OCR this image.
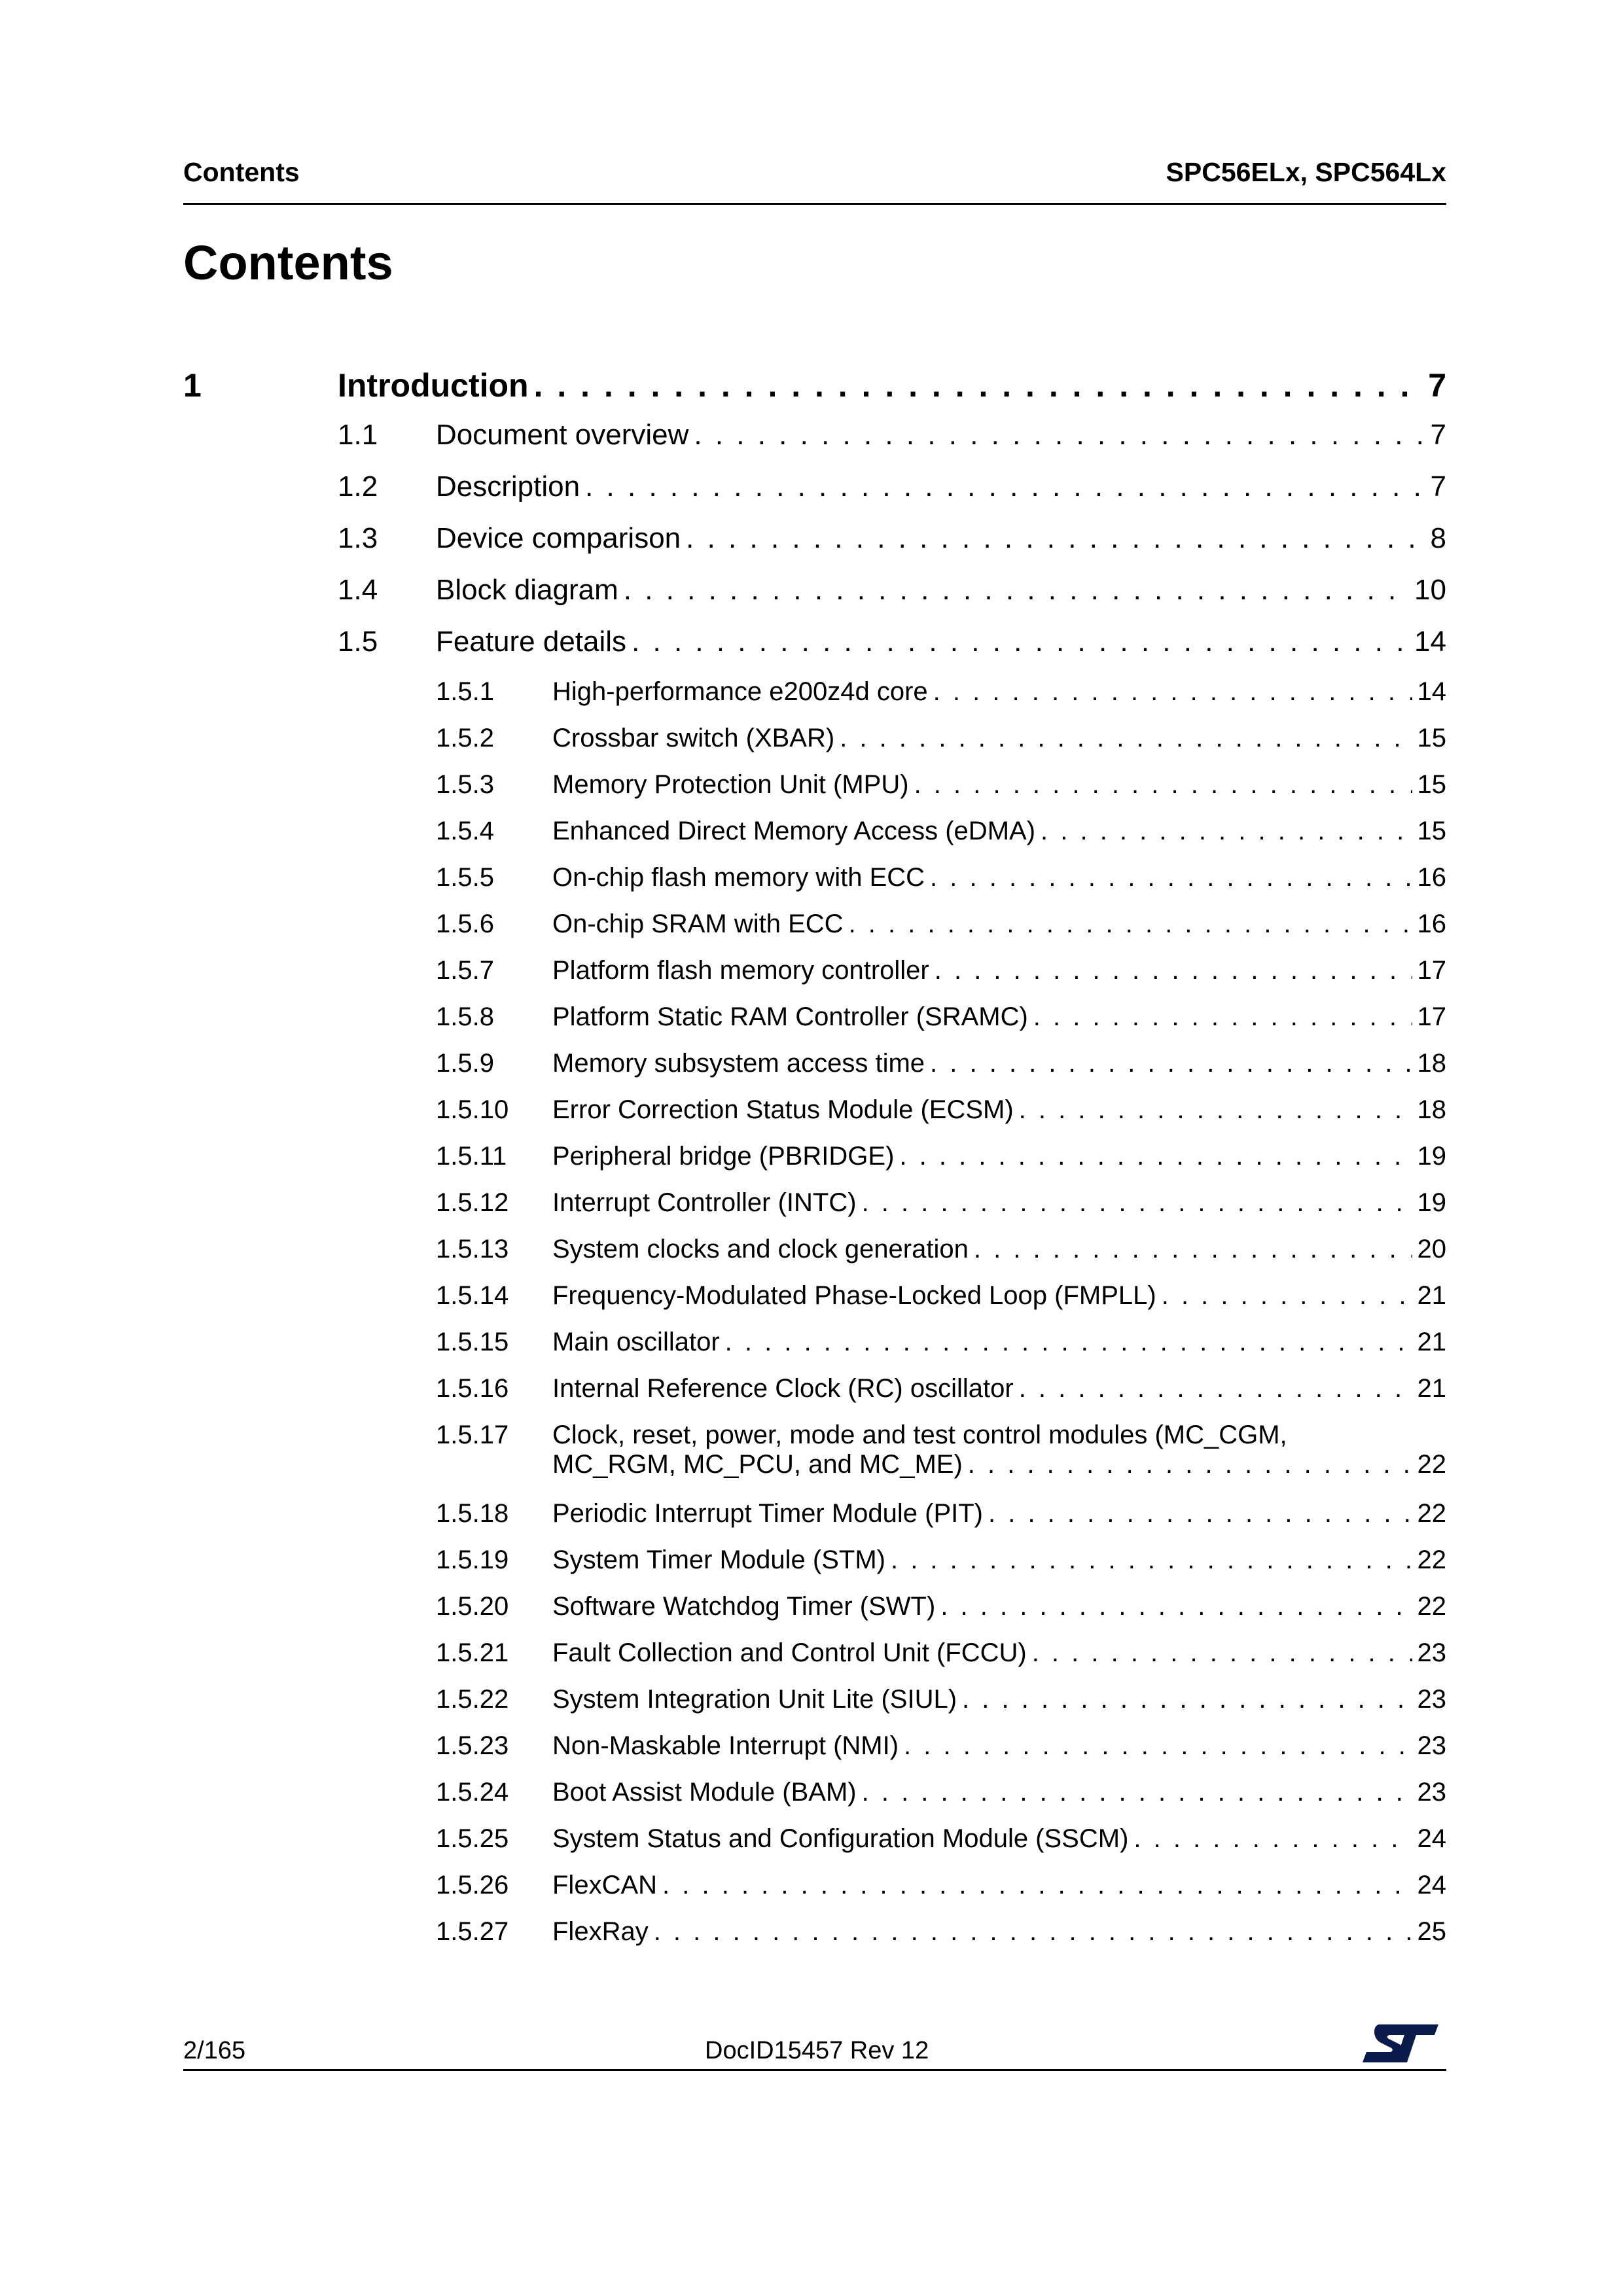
Contents	SPC56ELx, SPC564Lx
Contents
1	Introduction . . .	7
1.1 Document overview . . .	7
1.2 Description . . .	7
1.3 Device comparison . . .	8
1.4 Block diagram . . .	10
1.5 Feature details . . .	14
1.5.1 High-performance e200z4d core . . .	14
1.5.2 Crossbar switch (XBAR) . . .	15
1.5.3 Memory Protection Unit (MPU) . . .	15
1.5.4 Enhanced Direct Memory Access (eDMA) . . .	15
1.5.5 On-chip flash memory with ECC . . .	16
1.5.6 On-chip SRAM with ECC . . .	16
1.5.7 Platform flash memory controller . . .	17
1.5.8 Platform Static RAM Controller (SRAMC) . . .	17
1.5.9 Memory subsystem access time . . .	18
1.5.10 Error Correction Status Module (ECSM) . . .	18
1.5.11 Peripheral bridge (PBRIDGE) . . .	19
1.5.12 Interrupt Controller (INTC) . . .	19
1.5.13 System clocks and clock generation . . .	20
1.5.14 Frequency-Modulated Phase-Locked Loop (FMPLL) . . .	21
1.5.15 Main oscillator . . .	21
1.5.16 Internal Reference Clock (RC) oscillator . . .	21
1.5.17 Clock, reset, power, mode and test control modules (MC_CGM,
MC_RGM, MC_PCU, and MC_ME) . . .	22
1.5.18 Periodic Interrupt Timer Module (PIT) . . .	22
1.5.19 System Timer Module (STM) . . .	22
1.5.20 Software Watchdog Timer (SWT) . . .	22
1.5.21 Fault Collection and Control Unit (FCCU) . . .	23
1.5.22 System Integration Unit Lite (SIUL) . . .	23
1.5.23 Non-Maskable Interrupt (NMI) . . .	23
1.5.24 Boot Assist Module (BAM) . . .	23
1.5.25 System Status and Configuration Module (SSCM) . . .	24
1.5.26 FlexCAN . . .	24
1.5.27 FlexRay . . .	25
2/165	DocID15457 Rev 12
